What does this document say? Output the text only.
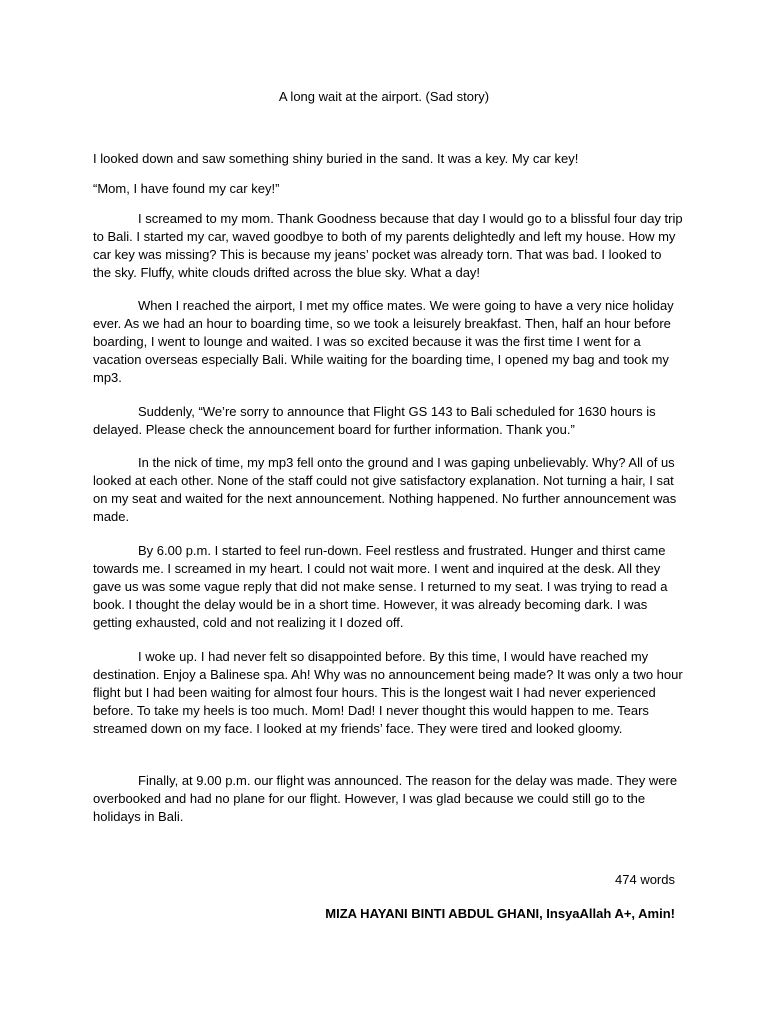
A long wait at the airport. (Sad story)

I looked down and saw something shiny buried in the sand. It was a key. My car key!

“Mom, I have found my car key!”

I screamed to my mom. Thank Goodness because that day I would go to a blissful four day trip to Bali. I started my car, waved goodbye to both of my parents delightedly and left my house. How my car key was missing? This is because my jeans’ pocket was already torn. That was bad. I looked to the sky. Fluffy, white clouds drifted across the blue sky. What a day!

When I reached the airport, I met my office mates. We were going to have a very nice holiday ever. As we had an hour to boarding time, so we took a leisurely breakfast. Then, half an hour before boarding, I went to lounge and waited. I was so excited because it was the first time I went for a vacation overseas especially Bali. While waiting for the boarding time, I opened my bag and took my mp3.

Suddenly, “We’re sorry to announce that Flight GS 143 to Bali scheduled for 1630 hours is delayed. Please check the announcement board for further information. Thank you.”

In the nick of time, my mp3 fell onto the ground and I was gaping unbelievably. Why? All of us looked at each other. None of the staff could not give satisfactory explanation. Not turning a hair, I sat on my seat and waited for the next announcement. Nothing happened. No further announcement was made.

By 6.00 p.m. I started to feel run-down. Feel restless and frustrated. Hunger and thirst came towards me. I screamed in my heart. I could not wait more. I went and inquired at the desk. All they gave us was some vague reply that did not make sense. I returned to my seat. I was trying to read a book. I thought the delay would be in a short time. However, it was already becoming dark. I was getting exhausted, cold and not realizing it I dozed off.

I woke up. I had never felt so disappointed before. By this time, I would have reached my destination. Enjoy a Balinese spa. Ah! Why was no announcement being made? It was only a two hour flight but I had been waiting for almost four hours. This is the longest wait I had never experienced before. To take my heels is too much. Mom! Dad! I never thought this would happen to me. Tears streamed down on my face. I looked at my friends’ face. They were tired and looked gloomy.

Finally, at 9.00 p.m. our flight was announced. The reason for the delay was made. They were overbooked and had no plane for our flight. However, I was glad because we could still go to the holidays in Bali.

474 words
MIZA HAYANI BINTI ABDUL GHANI, InsyaAllah A+, Amin!
